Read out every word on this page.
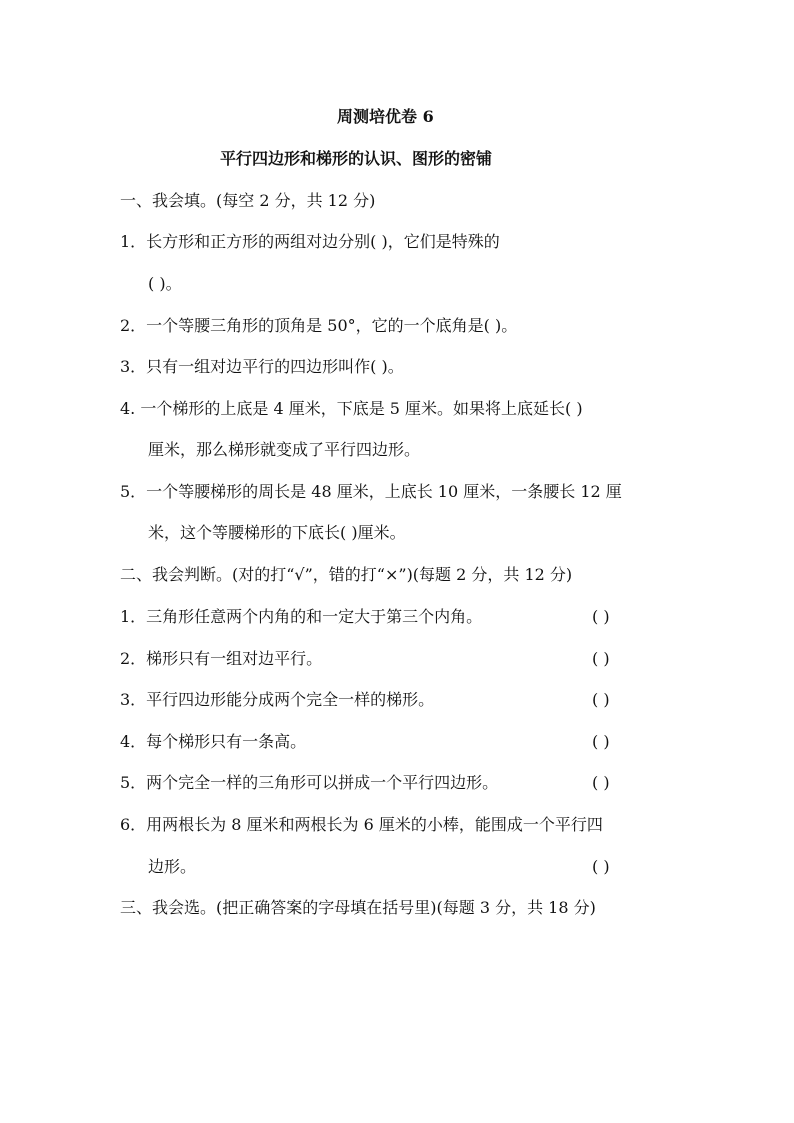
周测培优卷 6
平行四边形和梯形的认识、图形的密铺
一、我会填。(每空 2 分，共 12 分)
1．长方形和正方形的两组对边分别( )，它们是特殊的
( )。
2．一个等腰三角形的顶角是 50°，它的一个底角是( )。
3．只有一组对边平行的四边形叫作( )。
4. 一个梯形的上底是 4 厘米，下底是 5 厘米。如果将上底延长( )
厘米，那么梯形就变成了平行四边形。
5．一个等腰梯形的周长是 48 厘米，上底长 10 厘米，一条腰长 12 厘
米，这个等腰梯形的下底长( )厘米。
二、我会判断。(对的打“√”，错的打“×”)(每题 2 分，共 12 分)
1．三角形任意两个内角的和一定大于第三个内角。	( )
2．梯形只有一组对边平行。	( )
3．平行四边形能分成两个完全一样的梯形。	( )
4．每个梯形只有一条高。	( )
5．两个完全一样的三角形可以拼成一个平行四边形。	( )
6．用两根长为 8 厘米和两根长为 6 厘米的小棒，能围成一个平行四
边形。	( )
三、我会选。(把正确答案的字母填在括号里)(每题 3 分，共 18 分)
